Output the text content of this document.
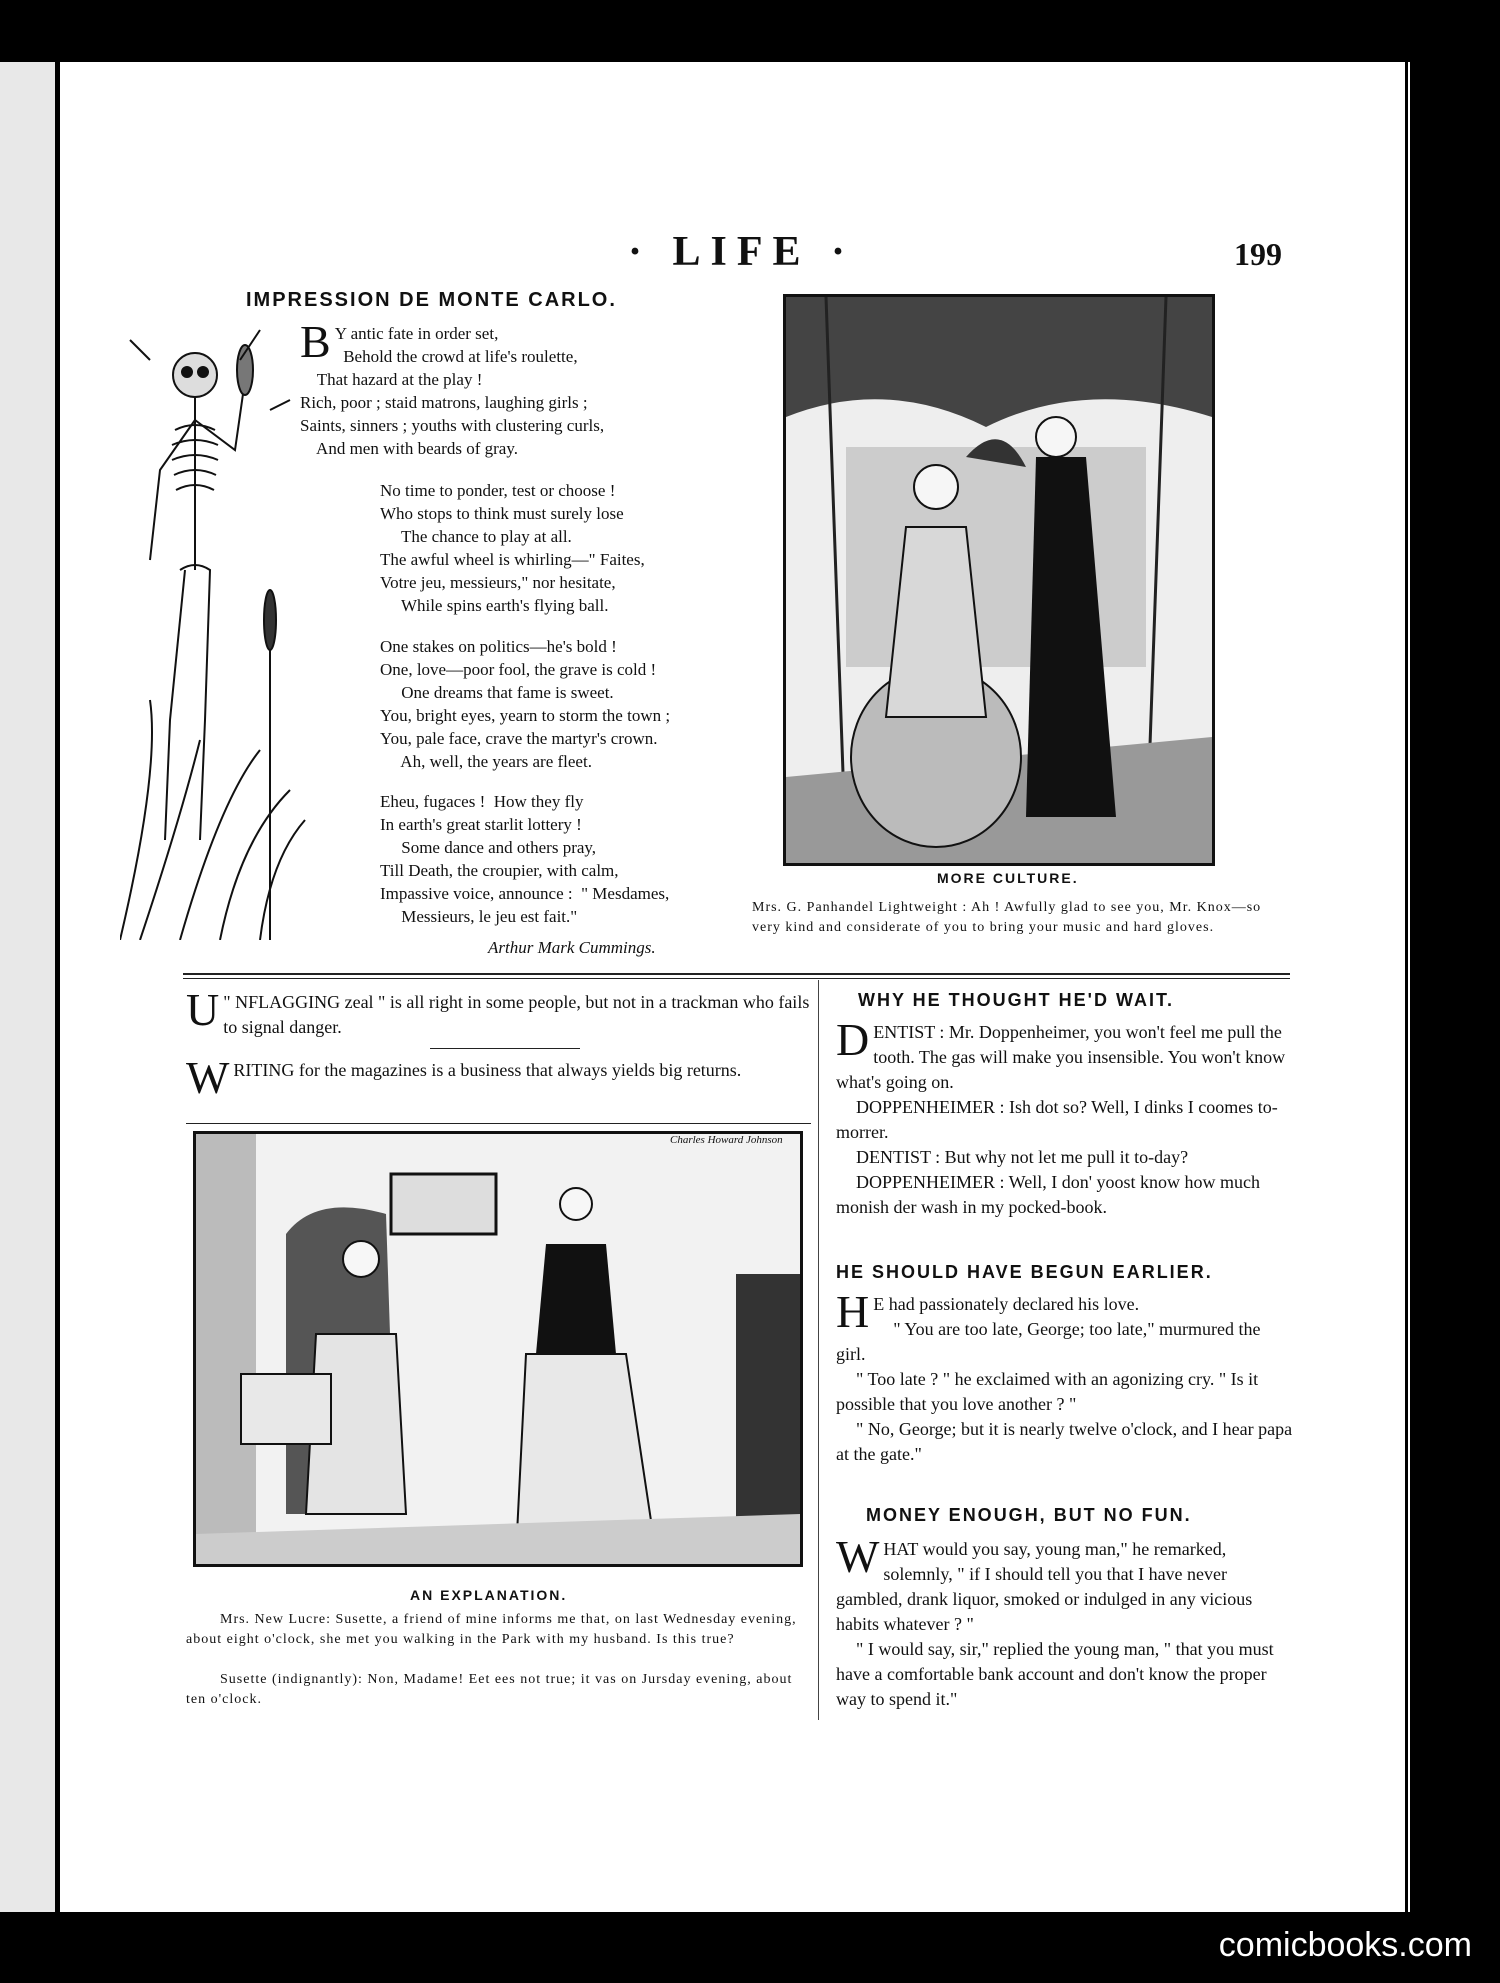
· LIFE ·	199
IMPRESSION DE MONTE CARLO.
B Y antic fate in order set,
Behold the crowd at life's roulette,
That hazard at the play !
Rich, poor ; staid matrons, laughing girls ;
Saints, sinners ; youths with clustering curls,
And men with beards of gray.
No time to ponder, test or choose !
Who stops to think must surely lose
The chance to play at all.
The awful wheel is whirling—" Faites,
Votre jeu, messieurs," nor hesitate,
While spins earth's flying ball.
One stakes on politics—he's bold !
One, love—poor fool, the grave is cold !
One dreams that fame is sweet.
You, bright eyes, yearn to storm the town ;
You, pale face, crave the martyr's crown.
Ah, well, the years are fleet.
Eheu, fugaces !  How they fly
In earth's great starlit lottery !
Some dance and others pray,
Till Death, the croupier, with calm,
Impassive voice, announce :  " Mesdames,
Messieurs, le jeu est fait."
Arthur Mark Cummings.
MORE CULTURE.
Mrs. G. Panhandel Lightweight : Ah ! Awfully glad to see you, Mr. Knox—so very kind and considerate of you to bring your music and hard gloves.
"
U NFLAGGING zeal " is all right in some people, but not in a trackman who fails to signal danger.
WRITING for the magazines is a business that always yields big returns.
Charles Howard Johnson
AN EXPLANATION.
Mrs. New Lucre: Susette, a friend of mine informs me that, on last Wednesday evening, about eight o'clock, she met you walking in the Park with my husband. Is this true?
Susette (indignantly): Non, Madame! Eet ees not true; it vas on Jursday evening, about ten o'clock.
WHY HE THOUGHT HE'D WAIT.
DENTIST : Mr. Doppenheimer, you won't feel me pull the tooth. The gas will make you insensible. You won't know what's going on.
DOPPENHEIMER : Ish dot so? Well, I dinks I coomes to-morrer.
DENTIST : But why not let me pull it to-day?
DOPPENHEIMER : Well, I don' yoost know how much monish der wash in my pocked-book.
HE SHOULD HAVE BEGUN EARLIER.
H E had passionately declared his love.
" You are too late, George; too late," murmured the girl.
" Too late ? " he exclaimed with an agonizing cry. " Is it possible that you love another ? "
" No, George; but it is nearly twelve o'clock, and I hear papa at the gate."
MONEY ENOUGH, BUT NO FUN.
WHAT would you say, young man," he remarked, solemnly, " if I should tell you that I have never gambled, drank liquor, smoked or indulged in any vicious habits whatever ? "
" I would say, sir," replied the young man, " that you must have a comfortable bank account and don't know the proper way to spend it."
comicbooks.com
